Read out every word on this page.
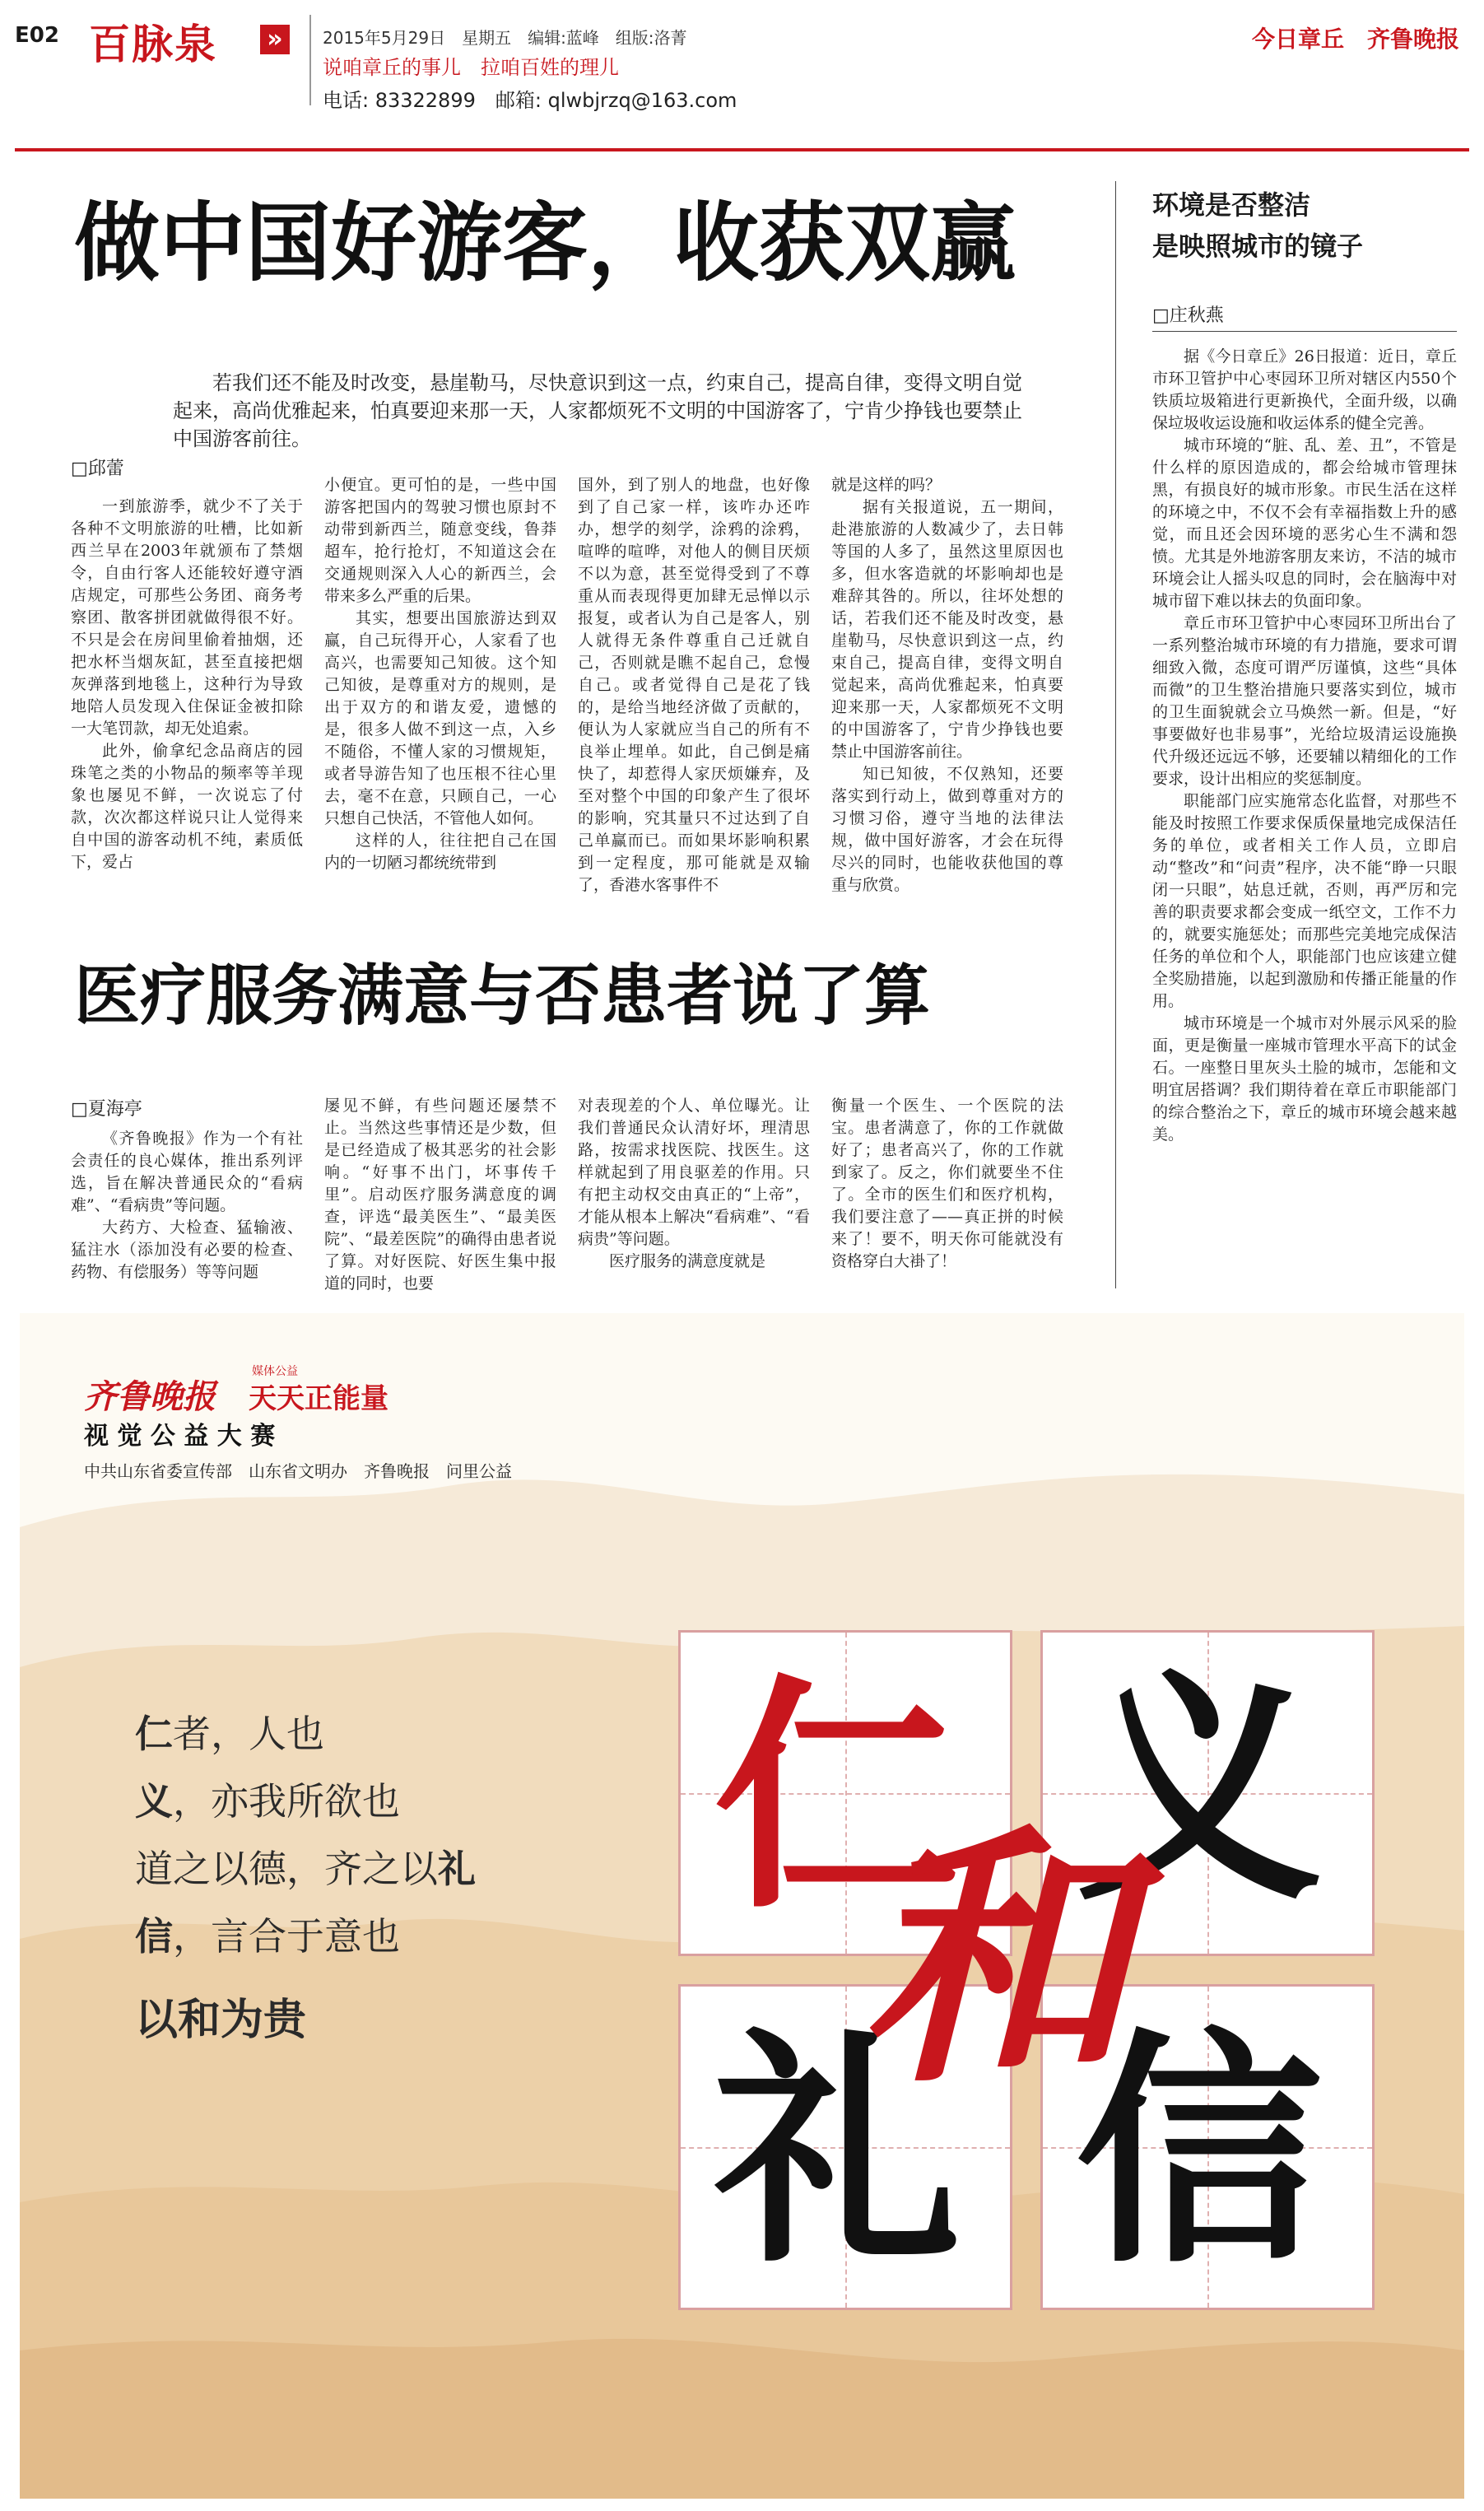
E02 百脉泉 »	2015年5月29日　星期五　编辑:蓝峰　组版:洛菁
说咱章丘的事儿　拉咱百姓的理儿
电话: 83322899　邮箱: qlwbjrzq@163.com
今日章丘　齐鲁晚报
做中国好游客，收获双赢
若我们还不能及时改变，悬崖勒马，尽快意识到这一点，约束自己，提高自律，变得文明自觉起来，高尚优雅起来，怕真要迎来那一天，人家都烦死不文明的中国游客了，宁肯少挣钱也要禁止中国游客前往。
□邱蕾

一到旅游季，就少不了关于各种不文明旅游的吐槽，比如新西兰早在2003年就颁布了禁烟令，自由行客人还能较好遵守酒店规定，可那些公务团、商务考察团、散客拼团就做得很不好。不只是会在房间里偷着抽烟，还把水杯当烟灰缸，甚至直接把烟灰弹落到地毯上，这种行为导致地陪人员发现入住保证金被扣除一大笔罚款，却无处追索。

此外，偷拿纪念品商店的园珠笔之类的小物品的频率等羊现象也屡见不鲜，一次说忘了付款，次次都这样说只让人觉得来自中国的游客动机不纯，素质低下，爱占

小便宜。更可怕的是，一些中国游客把国内的驾驶习惯也原封不动带到新西兰，随意变线，鲁莽超车，抢行抢灯，不知道这会在交通规则深入人心的新西兰，会带来多么严重的后果。

其实，想要出国旅游达到双赢，自己玩得开心，人家看了也高兴，也需要知己知彼。这个知己知彼，是尊重对方的规则，是出于双方的和谐友爱，遗憾的是，很多人做不到这一点，入乡不随俗，不懂人家的习惯规矩，或者导游告知了也压根不往心里去，毫不在意，只顾自己，一心只想自己快活，不管他人如何。

这样的人，往往把自己在国内的一切陋习都统统带到

国外，到了别人的地盘，也好像到了自己家一样，该咋办还咋办，想学的刻学，涂鸦的涂鸦，喧哗的喧哗，对他人的侧目厌烦不以为意，甚至觉得受到了不尊重从而表现得更加肆无忌惮以示报复，或者认为自己是客人，别人就得无条件尊重自己迁就自己，否则就是瞧不起自己，怠慢自己。或者觉得自己是花了钱的，是给当地经济做了贡献的，便认为人家就应当自己的所有不良举止埋单。如此，自己倒是痛快了，却惹得人家厌烦嫌弃，及至对整个中国的印象产生了很坏的影响，究其量只不过达到了自己单赢而已。而如果坏影响积累到一定程度，那可能就是双输了，香港水客事件不

就是这样的吗？

据有关报道说，五一期间，赴港旅游的人数减少了，去日韩等国的人多了，虽然这里原因也多，但水客造就的坏影响却也是难辞其咎的。所以，往坏处想的话，若我们还不能及时改变，悬崖勒马，尽快意识到这一点，约束自己，提高自律，变得文明自觉起来，高尚优雅起来，怕真要迎来那一天，人家都烦死不文明的中国游客了，宁肯少挣钱也要禁止中国游客前往。

知已知彼，不仅熟知，还要落实到行动上，做到尊重对方的习惯习俗，遵守当地的法律法规，做中国好游客，才会在玩得尽兴的同时，也能收获他国的尊重与欣赏。

医疗服务满意与否患者说了算
□夏海亭

《齐鲁晚报》作为一个有社会责任的良心媒体，推出系列评选，旨在解决普通民众的“看病难”、“看病贵”等问题。

大药方、大检查、猛输液、猛注水（添加没有必要的检查、药物、有偿服务）等等问题

屡见不鲜，有些问题还屡禁不止。当然这些事情还是少数，但是已经造成了极其恶劣的社会影响。“好事不出门，坏事传千里”。启动医疗服务满意度的调查，评选“最美医生”、“最美医院”、“最差医院”的确得由患者说了算。对好医院、好医生集中报道的同时，也要

对表现差的个人、单位曝光。让我们普通民众认清好坏，理清思路，按需求找医院、找医生。这样就起到了用良驱差的作用。只有把主动权交由真正的“上帝”，才能从根本上解决“看病难”、“看病贵”等问题。

医疗服务的满意度就是

衡量一个医生、一个医院的法宝。患者满意了，你的工作就做好了；患者高兴了，你的工作就到家了。反之，你们就要坐不住了。全市的医生们和医疗机构，我们要注意了——真正拼的时候来了！要不，明天你可能就没有资格穿白大褂了！

环境是否整洁
是映照城市的镜子
□庄秋燕

据《今日章丘》26日报道：近日，章丘市环卫管护中心枣园环卫所对辖区内550个铁质垃圾箱进行更新换代，全面升级，以确保垃圾收运设施和收运体系的健全完善。

城市环境的“脏、乱、差、丑”，不管是什么样的原因造成的，都会给城市管理抹黑，有损良好的城市形象。市民生活在这样的环境之中，不仅不会有幸福指数上升的感觉，而且还会因环境的恶劣心生不满和怨愤。尤其是外地游客朋友来访，不洁的城市环境会让人摇头叹息的同时，会在脑海中对城市留下难以抹去的负面印象。

章丘市环卫管护中心枣园环卫所出台了一系列整治城市环境的有力措施，要求可谓细致入微，态度可谓严厉谨慎，这些“具体而微”的卫生整治措施只要落实到位，城市的卫生面貌就会立马焕然一新。但是，“好事要做好也非易事”，光给垃圾清运设施换代升级还远远不够，还要辅以精细化的工作要求，设计出相应的奖惩制度。

职能部门应实施常态化监督，对那些不能及时按照工作要求保质保量地完成保洁任务的单位，或者相关工作人员，立即启动“整改”和“问责”程序，决不能“睁一只眼闭一只眼”，姑息迁就，否则，再严厉和完善的职责要求都会变成一纸空文，工作不力的，就要实施惩处；而那些完美地完成保洁任务的单位和个人，职能部门也应该建立健全奖励措施，以起到激励和传播正能量的作用。

城市环境是一个城市对外展示风采的脸面，更是衡量一座城市管理水平高下的试金石。一座整日里灰头土脸的城市，怎能和文明宜居搭调？我们期待着在章丘市职能部门的综合整治之下，章丘的城市环境会越来越美。

齐鲁晚报 天天正能量
媒体公益
视 觉 公 益 大 赛
中共山东省委宣传部　山东省文明办　齐鲁晚报　问里公益
仁者，人也
义，亦我所欲也
道之以德，齐之以礼
信，言合于意也
以和为贵
仁 义
礼 信
和
